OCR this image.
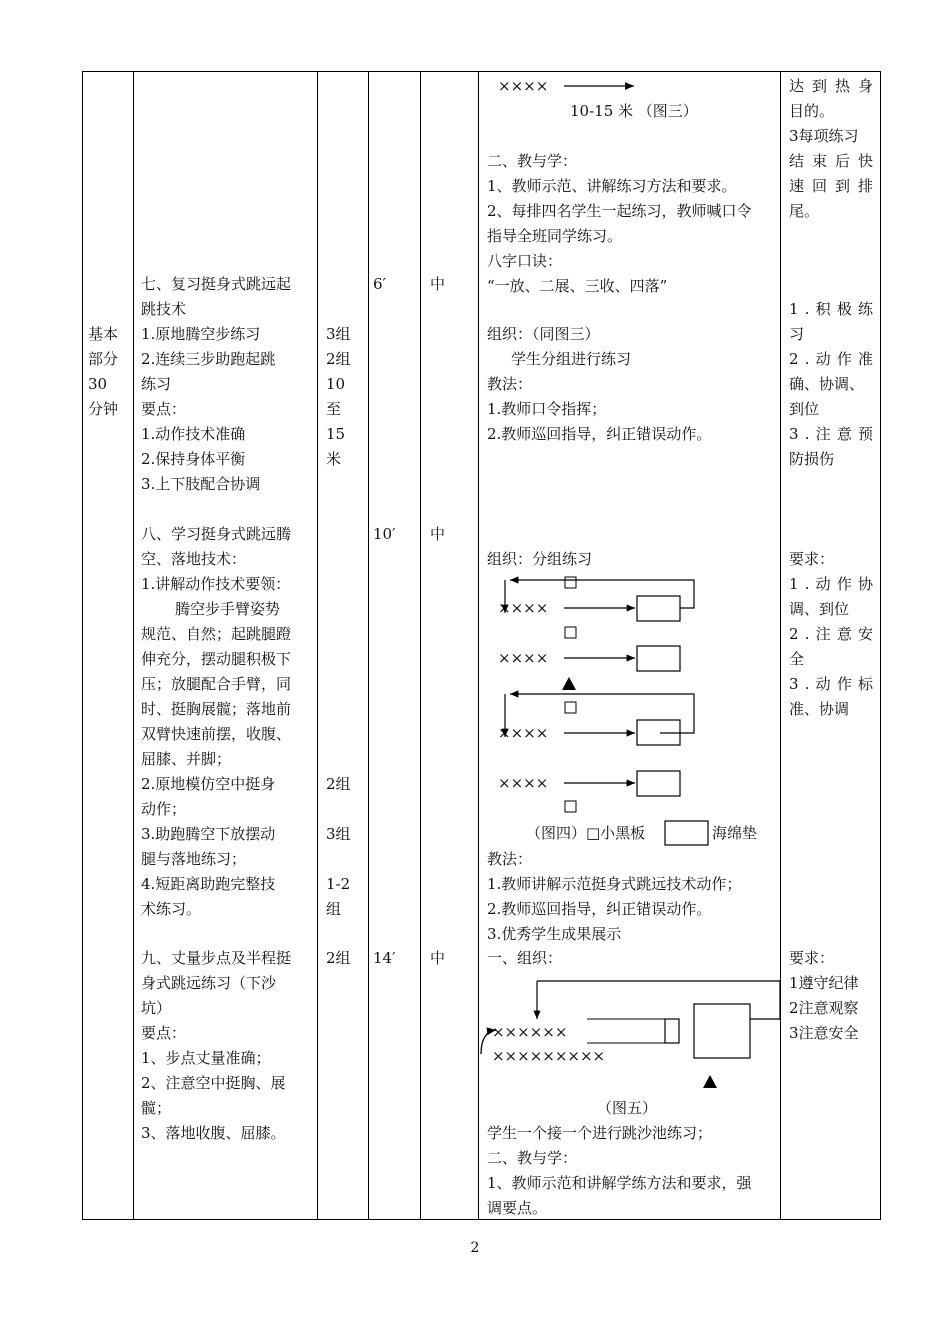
基本
部分
30
分钟
七、复习挺身式跳远起
跳技术
1.原地腾空步练习
2.连续三步助跑起跳
练习
要点：
1.动作技术准确
2.保持身体平衡
3.上下肢配合协调
八、学习挺身式跳远腾
空、落地技术：
1.讲解动作技术要领：
腾空步手臂姿势
规范、自然；起跳腿蹬
伸充分，摆动腿积极下
压；放腿配合手臂，同
时、挺胸展髋；落地前
双臂快速前摆，收腹、
屈膝、并脚；
2.原地模仿空中挺身
动作；
3.助跑腾空下放摆动
腿与落地练习；
4.短距离助跑完整技
术练习。
九、丈量步点及半程挺
身式跳远练习（下沙
坑）
要点：
1、步点丈量准确；
2、注意空中挺胸、展
髋；
3、落地收腹、屈膝。
3组
2组
10
至
15
米
2组
3组
1-2
组
2组
6′
10′
14′
中
中
中
××××
10-15 米 （图三）
二、教与学：
1、教师示范、讲解练习方法和要求。
2、每排四名学生一起练习，教师喊口令
指导全班同学练习。
八字口诀：
“一放、二展、三收、四落”
组织：（同图三）
学生分组进行练习
教法：
1.教师口令指挥；
2.教师巡回指导，纠正错误动作。
组织：分组练习
××××
××××
××××
××××
（图四）□小黑板	海绵垫
教法：
1.教师讲解示范挺身式跳远技术动作；
2.教师巡回指导，纠正错误动作。
3.优秀学生成果展示
一、组织：
××××××
×××××××××
（图五）
学生一个接一个进行跳沙池练习；
二、教与学：
1、教师示范和讲解学练方法和要求，强
调要点。
达 到 热 身
目的。
3每项练习
结 束 后 快
速 回 到 排
尾。
1 . 积 极 练
习
2 . 动 作 准
确、协调、
到位
3 . 注 意 预
防损伤
要求：
1 . 动 作 协
调、到位
2 . 注 意 安
全
3 . 动 作 标
准、协调
要求：
1遵守纪律
2注意观察
3注意安全
2
